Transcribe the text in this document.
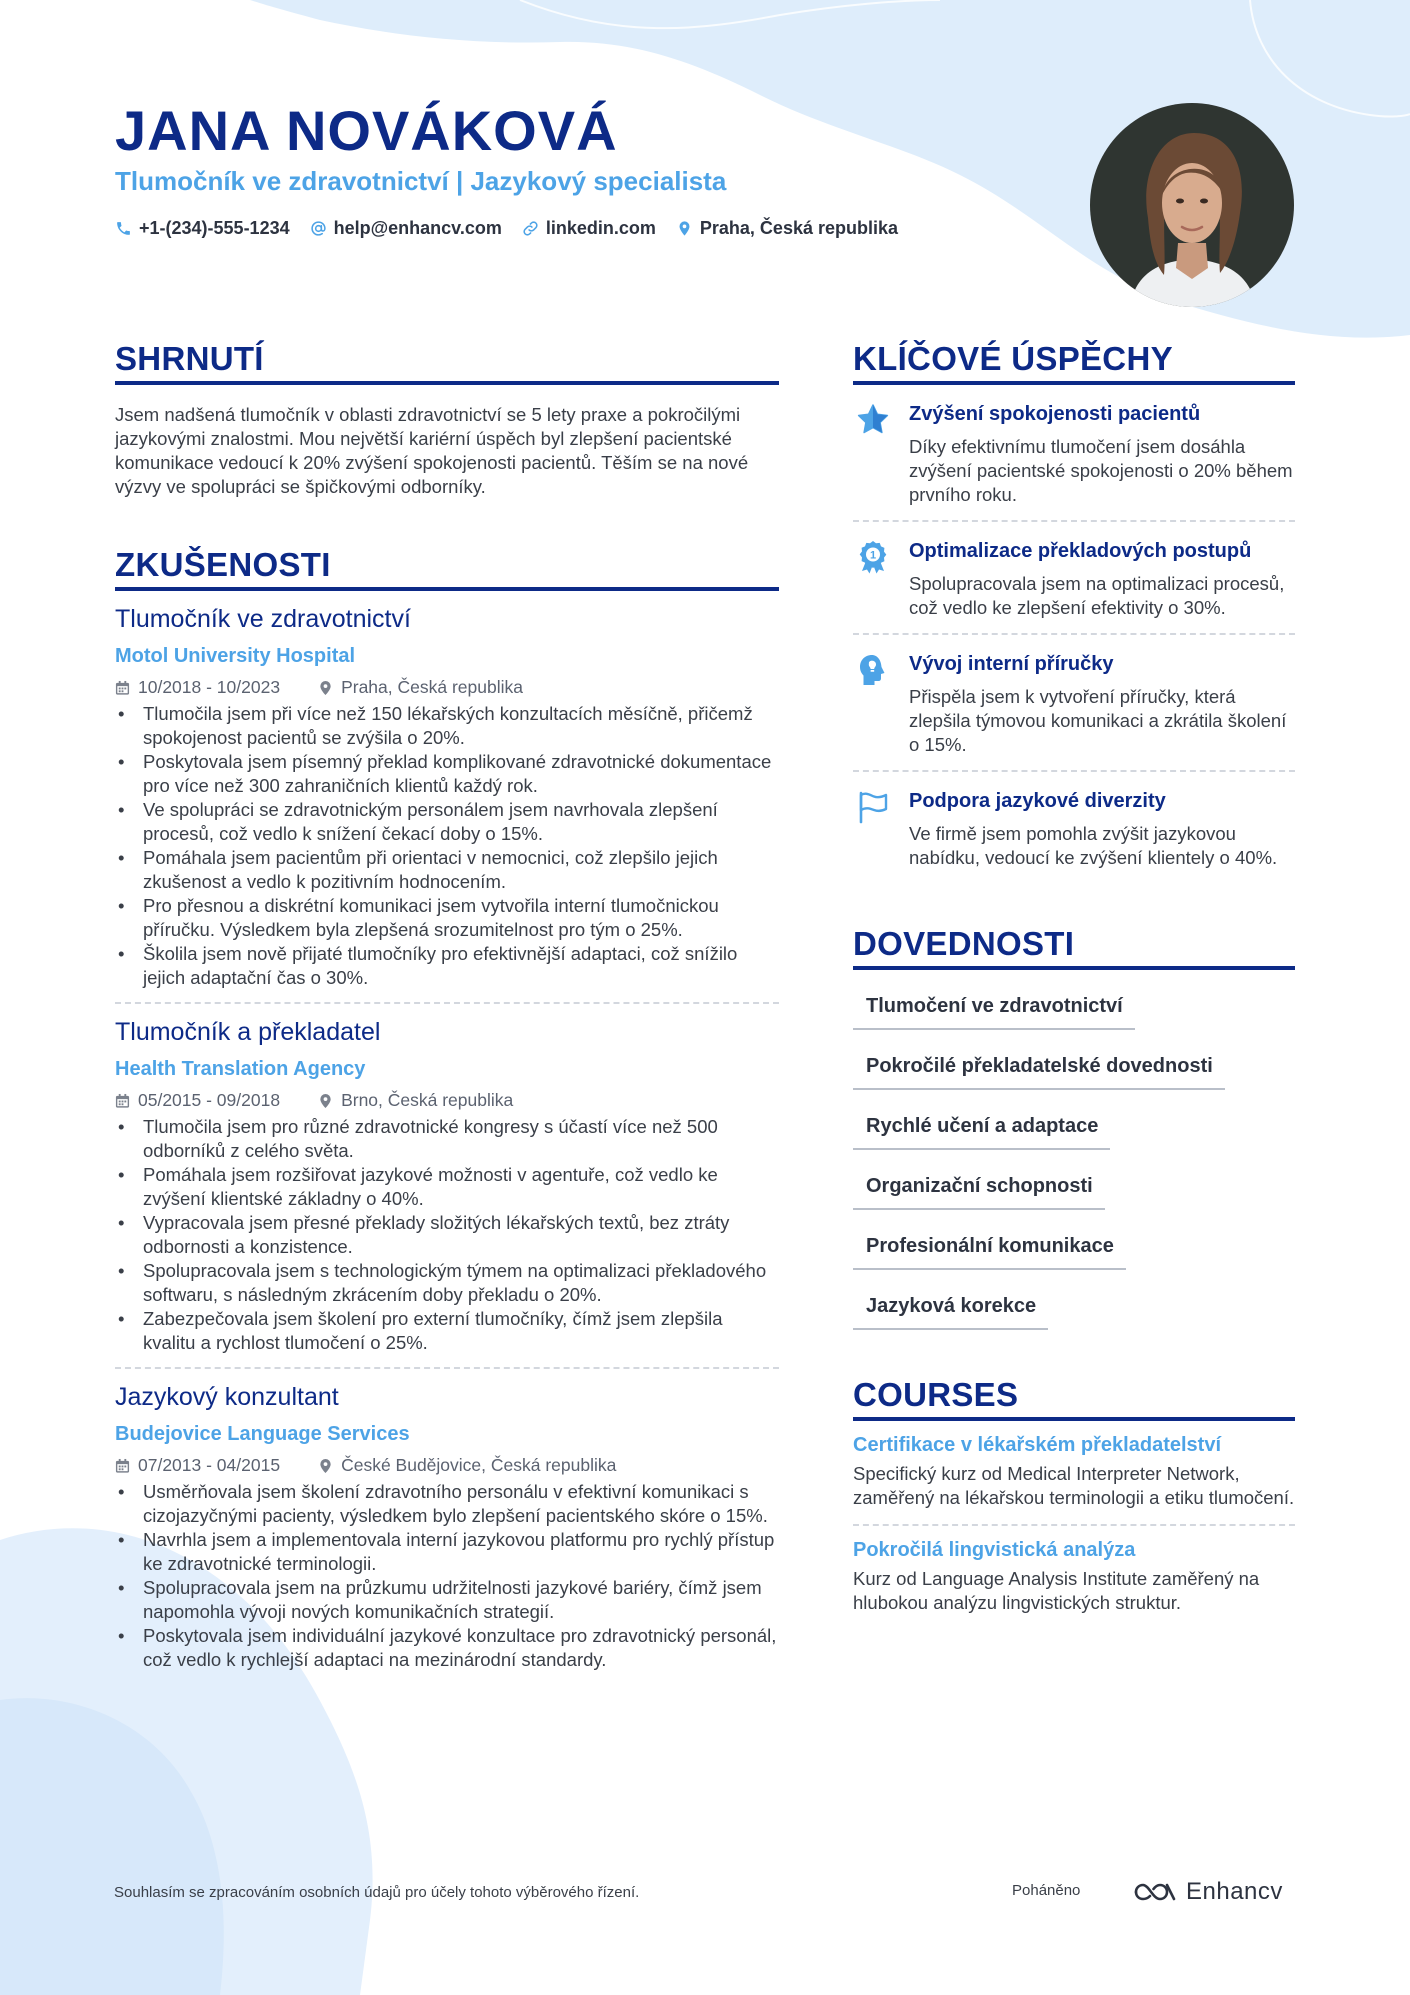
JANA NOVÁKOVÁ
Tlumočník ve zdravotnictví | Jazykový specialista
+1-(234)-555-1234 help@enhancv.com linkedin.com Praha, Česká republika
SHRNUTÍ
Jsem nadšená tlumočník v oblasti zdravotnictví se 5 lety praxe a pokročilými jazykovými znalostmi. Mou největší kariérní úspěch byl zlepšení pacientské komunikace vedoucí k 20% zvýšení spokojenosti pacientů. Těším se na nové výzvy ve spolupráci se špičkovými odborníky.
ZKUŠENOSTI
Tlumočník ve zdravotnictví
Motol University Hospital
10/2018 - 10/2023	Praha, Česká republika
• Tlumočila jsem při více než 150 lékařských konzultacích měsíčně, přičemž spokojenost pacientů se zvýšila o 20%.
• Poskytovala jsem písemný překlad komplikované zdravotnické dokumentace pro více než 300 zahraničních klientů každý rok.
• Ve spolupráci se zdravotnickým personálem jsem navrhovala zlepšení procesů, což vedlo k snížení čekací doby o 15%.
• Pomáhala jsem pacientům při orientaci v nemocnici, což zlepšilo jejich zkušenost a vedlo k pozitivním hodnocením.
• Pro přesnou a diskrétní komunikaci jsem vytvořila interní tlumočnickou příručku. Výsledkem byla zlepšená srozumitelnost pro tým o 25%.
• Školila jsem nově přijaté tlumočníky pro efektivnější adaptaci, což snížilo jejich adaptační čas o 30%.
Tlumočník a překladatel
Health Translation Agency
05/2015 - 09/2018	Brno, Česká republika
• Tlumočila jsem pro různé zdravotnické kongresy s účastí více než 500 odborníků z celého světa.
• Pomáhala jsem rozšiřovat jazykové možnosti v agentuře, což vedlo ke zvýšení klientské základny o 40%.
• Vypracovala jsem přesné překlady složitých lékařských textů, bez ztráty odbornosti a konzistence.
• Spolupracovala jsem s technologickým týmem na optimalizaci překladového softwaru, s následným zkrácením doby překladu o 20%.
• Zabezpečovala jsem školení pro externí tlumočníky, čímž jsem zlepšila kvalitu a rychlost tlumočení o 25%.
Jazykový konzultant
Budejovice Language Services
07/2013 - 04/2015	České Budějovice, Česká republika
• Usměrňovala jsem školení zdravotního personálu v efektivní komunikaci s cizojazyčnými pacienty, výsledkem bylo zlepšení pacientského skóre o 15%.
• Navrhla jsem a implementovala interní jazykovou platformu pro rychlý přístup ke zdravotnické terminologii.
• Spolupracovala jsem na průzkumu udržitelnosti jazykové bariéry, čímž jsem napomohla vývoji nových komunikačních strategií.
• Poskytovala jsem individuální jazykové konzultace pro zdravotnický personál, což vedlo k rychlejší adaptaci na mezinárodní standardy.
KLÍČOVÉ ÚSPĚCHY
Zvýšení spokojenosti pacientů
Díky efektivnímu tlumočení jsem dosáhla zvýšení pacientské spokojenosti o 20% během prvního roku.
1 Optimalizace překladových postupů
Spolupracovala jsem na optimalizaci procesů, což vedlo ke zlepšení efektivity o 30%.
Vývoj interní příručky
Přispěla jsem k vytvoření příručky, která zlepšila týmovou komunikaci a zkrátila školení o 15%.
Podpora jazykové diverzity
Ve firmě jsem pomohla zvýšit jazykovou nabídku, vedoucí ke zvýšení klientely o 40%.
DOVEDNOSTI
Tlumočení ve zdravotnictví
Pokročilé překladatelské dovednosti
Rychlé učení a adaptace
Organizační schopnosti
Profesionální komunikace
Jazyková korekce
COURSES
Certifikace v lékařském překladatelství
Specifický kurz od Medical Interpreter Network, zaměřený na lékařskou terminologii a etiku tlumočení.
Pokročilá lingvistická analýza
Kurz od Language Analysis Institute zaměřený na hlubokou analýzu lingvistických struktur.
Souhlasím se zpracováním osobních údajů pro účely tohoto výběrového řízení.	Poháněno	Enhancv
